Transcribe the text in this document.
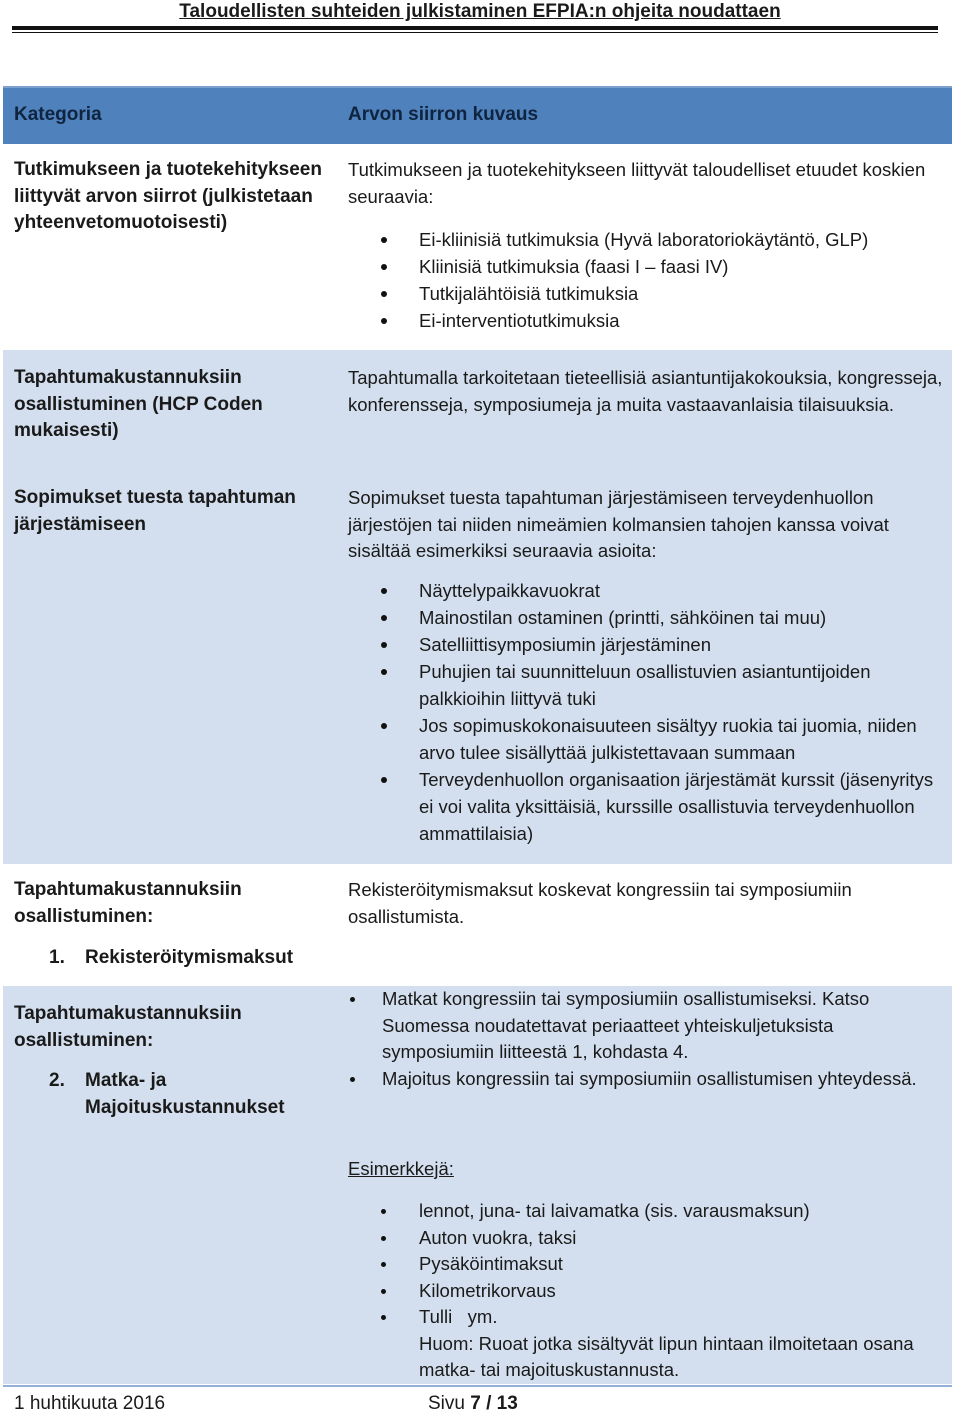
Taloudellisten suhteiden julkistaminen EFPIA:n ohjeita noudattaen
Kategoria	Arvon siirron kuvaus
Tutkimukseen ja tuotekehitykseen liittyvät arvon siirrot (julkistetaan yhteenvetomuotoisesti)
Tutkimukseen ja tuotekehitykseen liittyvät taloudelliset etuudet koskien seuraavia:
Ei-kliinisiä tutkimuksia (Hyvä laboratoriokäytäntö, GLP)
Kliinisiä tutkimuksia (faasi I – faasi IV)
Tutkijalähtöisiä tutkimuksia
Ei-interventiotutkimuksia
Tapahtumakustannuksiin osallistuminen (HCP Coden mukaisesti)
Tapahtumalla tarkoitetaan tieteellisiä asiantuntijakokouksia, kongresseja, konferensseja, symposiumeja ja muita vastaavanlaisia tilaisuuksia.
Sopimukset tuesta tapahtuman järjestämiseen
Sopimukset tuesta tapahtuman järjestämiseen terveydenhuollon järjestöjen tai niiden nimeämien kolmansien tahojen kanssa voivat sisältää esimerkiksi seuraavia asioita:
Näyttelypaikkavuokrat
Mainostilan ostaminen (printti, sähköinen tai muu)
Satelliittisymposiumin järjestäminen
Puhujien tai suunnitteluun osallistuvien asiantuntijoiden palkkioihin liittyvä tuki
Jos sopimuskokonaisuuteen sisältyy ruokia tai juomia, niiden arvo tulee sisällyttää julkistettavaan summaan
Terveydenhuollon organisaation järjestämät kurssit (jäsenyritys ei voi valita yksittäisiä, kurssille osallistuvia terveydenhuollon ammattilaisia)
Tapahtumakustannuksiin osallistuminen:
1. Rekisteröitymismaksut
Rekisteröitymismaksut koskevat kongressiin tai symposiumiin osallistumista.
Tapahtumakustannuksiin osallistuminen:
2. Matka- ja Majoituskustannukset
Matkat kongressiin tai symposiumiin osallistumiseksi. Katso Suomessa noudatettavat periaatteet yhteiskuljetuksista symposiumiin liitteestä 1, kohdasta 4.
Majoitus kongressiin tai symposiumiin osallistumisen yhteydessä.
Esimerkkejä:
lennot, juna- tai laivamatka (sis. varausmaksun)
Auton vuokra, taksi
Pysäköintimaksut
Kilometrikorvaus
Tulli   ym.
Huom: Ruoat jotka sisältyvät lipun hintaan ilmoitetaan osana matka- tai majoituskustannusta.
1 huhtikuuta 2016	Sivu 7 / 13
